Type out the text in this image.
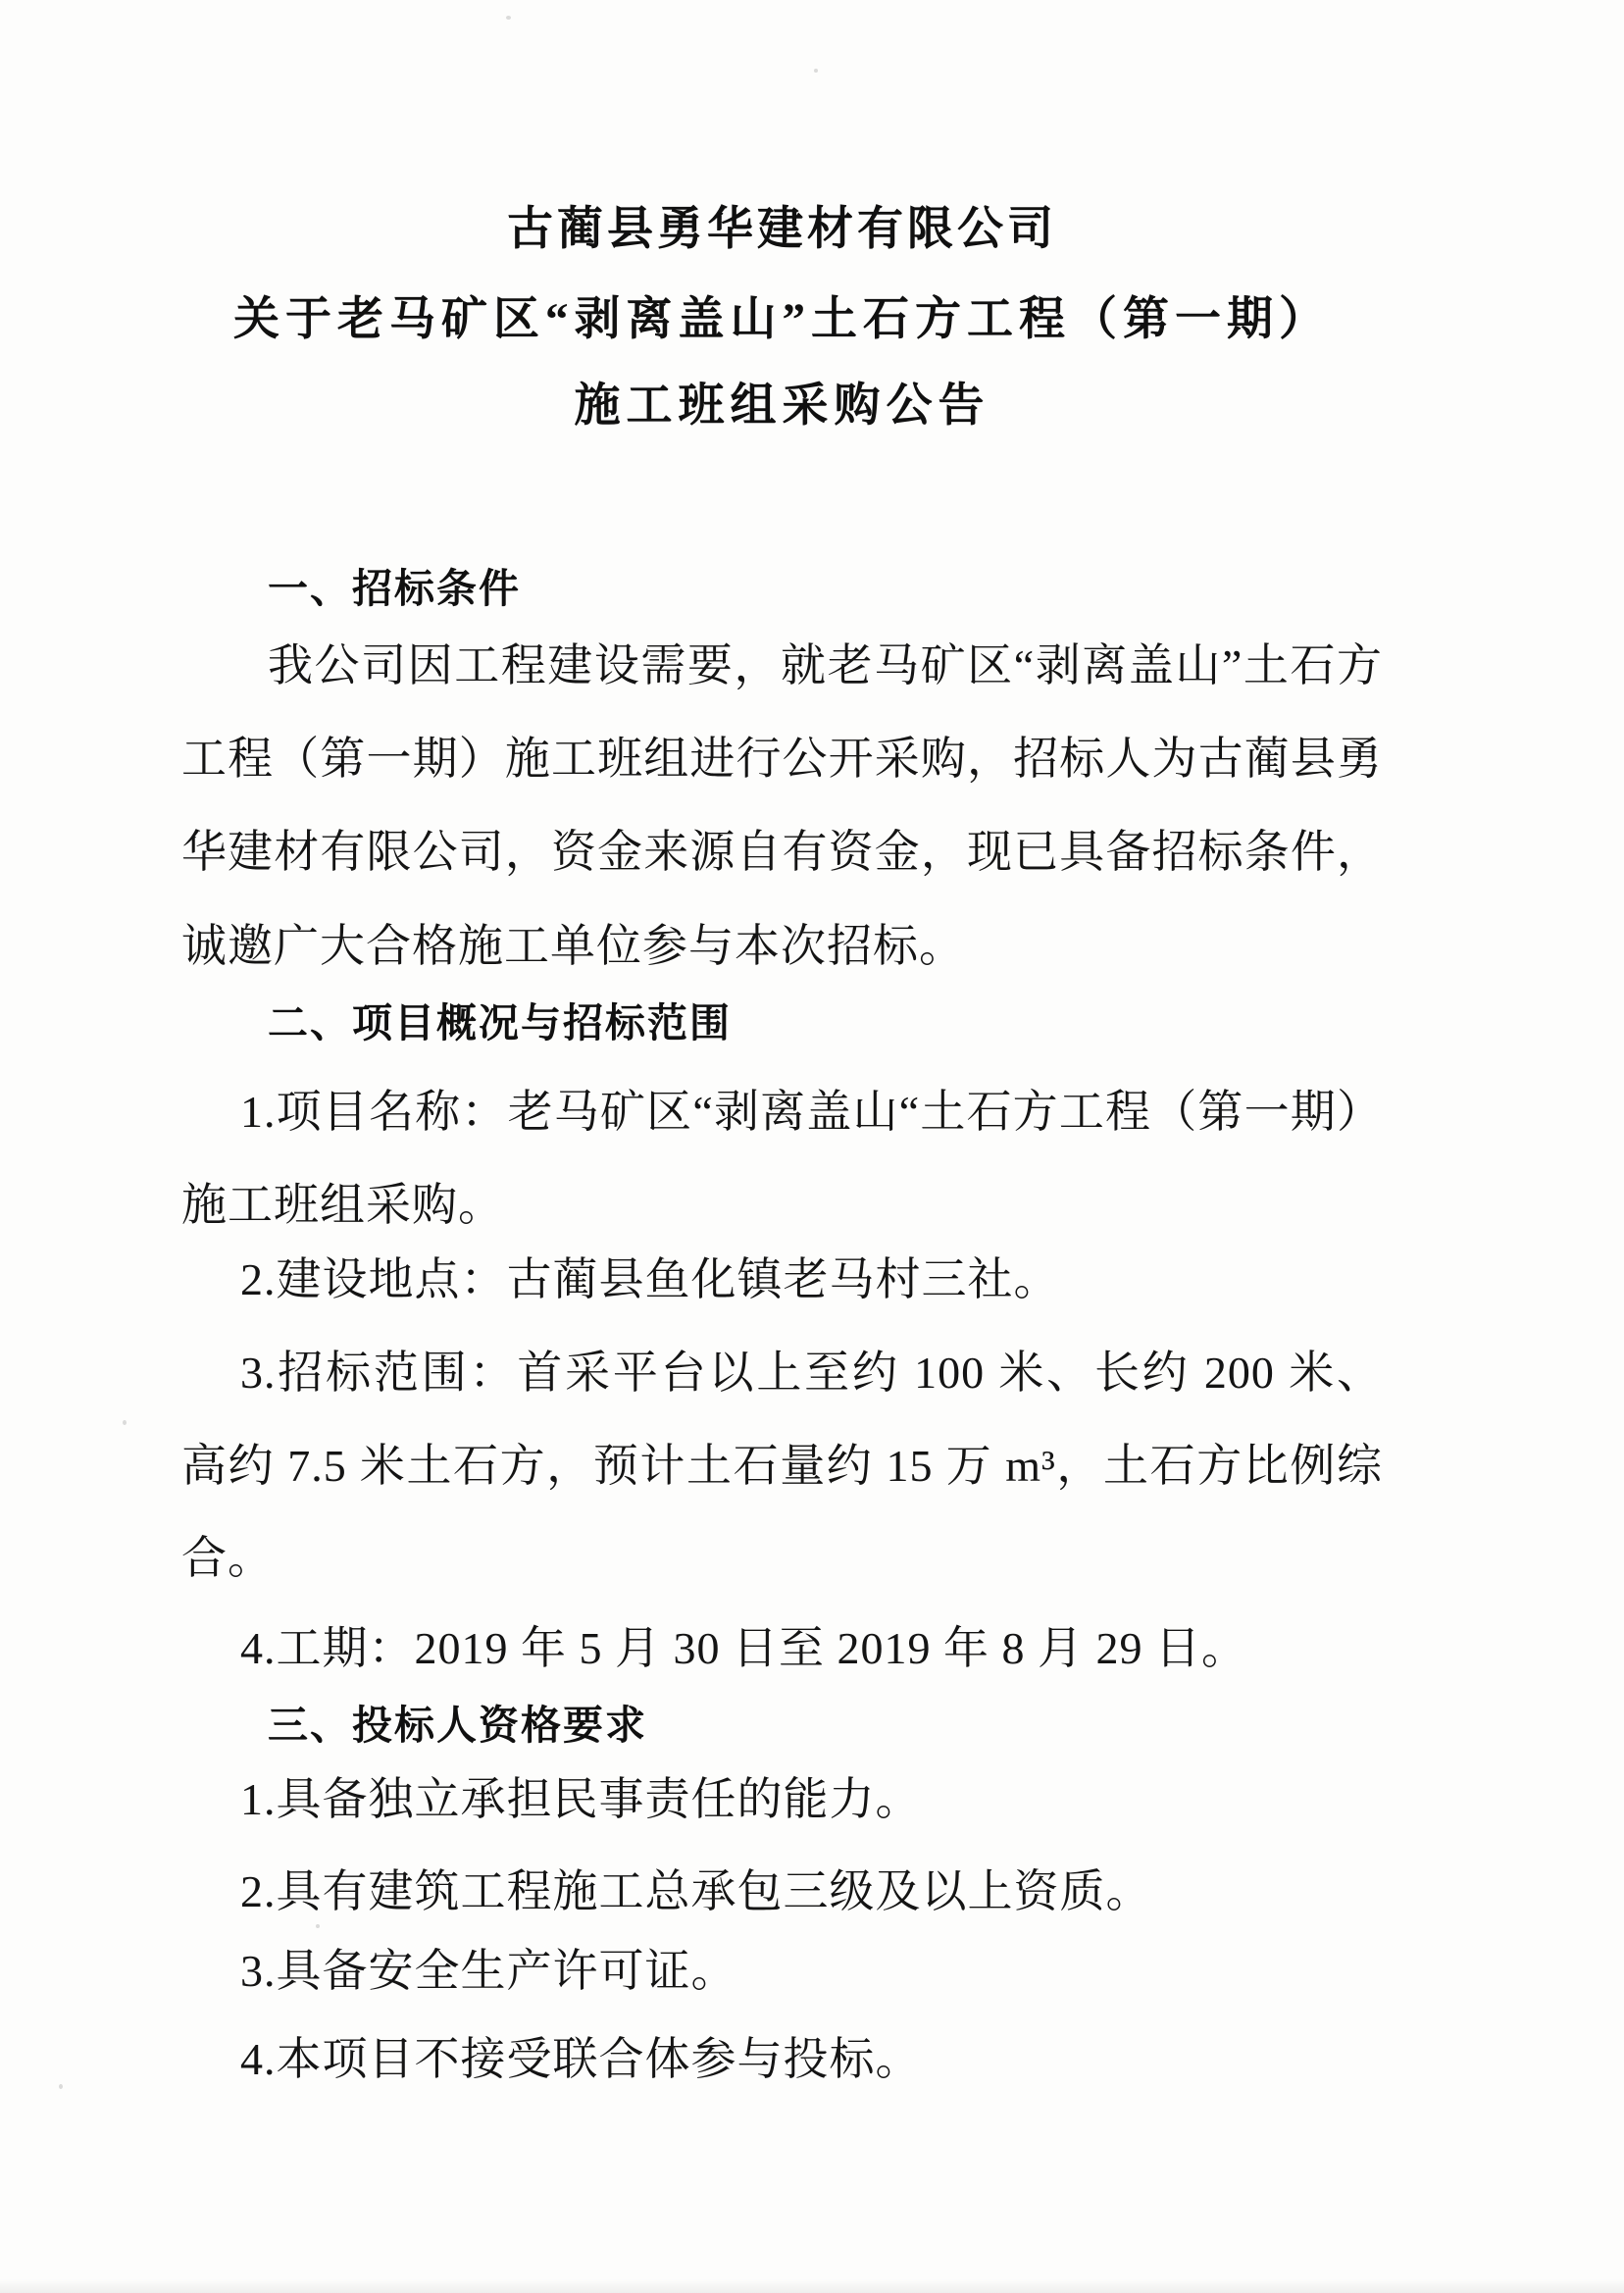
古蔺县勇华建材有限公司
关于老马矿区“剥离盖山”土石方工程（第一期）
施工班组采购公告
一、招标条件
我公司因工程建设需要，就老马矿区“剥离盖山”土石方
工程（第一期）施工班组进行公开采购，招标人为古蔺县勇
华建材有限公司，资金来源自有资金，现已具备招标条件，
诚邀广大合格施工单位参与本次招标。
二、项目概况与招标范围
1.项目名称：老马矿区“剥离盖山“土石方工程（第一期）
施工班组采购。
2.建设地点：古蔺县鱼化镇老马村三社。
3.招标范围：首采平台以上至约 100 米、长约 200 米、
高约 7.5 米土石方，预计土石量约 15 万 m³，土石方比例综
合。
4.工期：2019 年 5 月 30 日至 2019 年 8 月 29 日。
三、投标人资格要求
1.具备独立承担民事责任的能力。
2.具有建筑工程施工总承包三级及以上资质。
3.具备安全生产许可证。
4.本项目不接受联合体参与投标。
